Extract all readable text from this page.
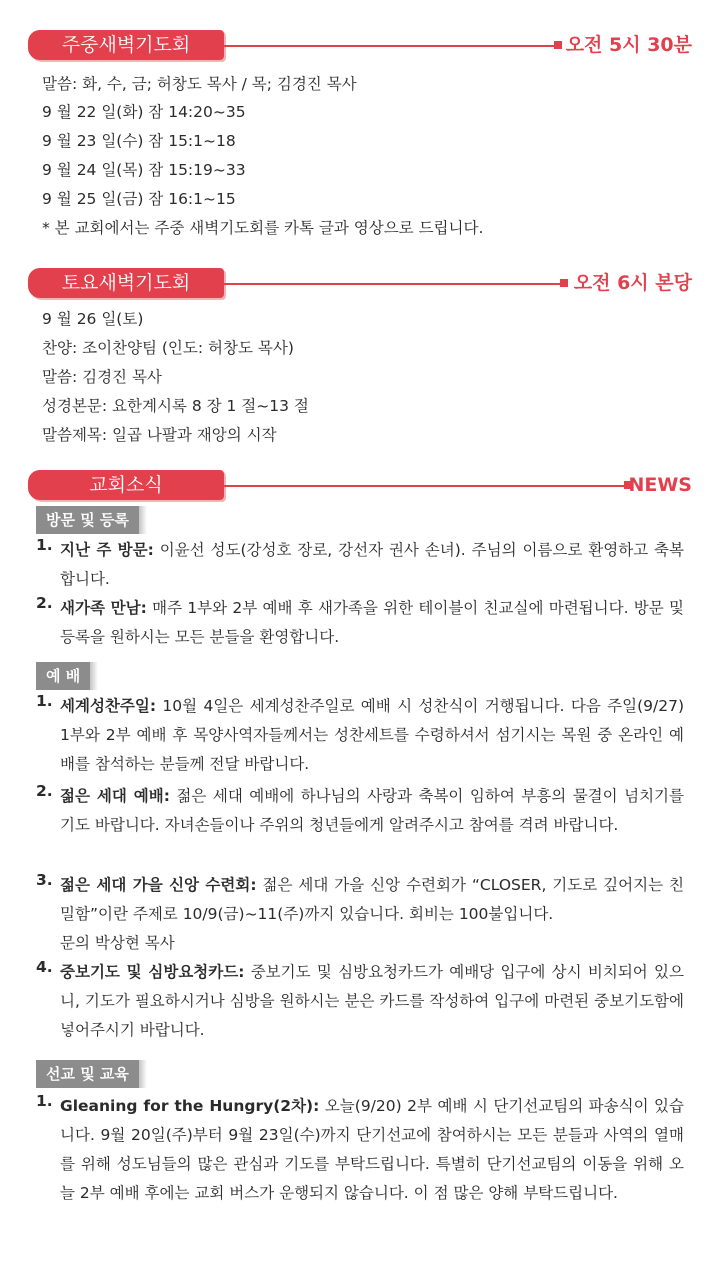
주중새벽기도회	오전 5시 30분
말씀: 화, 수, 금; 허창도 목사 / 목; 김경진 목사
9 월 22 일(화) 잠 14:20~35
9 월 23 일(수) 잠 15:1~18
9 월 24 일(목) 잠 15:19~33
9 월 25 일(금) 잠 16:1~15
* 본 교회에서는 주중 새벽기도회를 카톡 글과 영상으로 드립니다.
토요새벽기도회	오전 6시 본당
9 월 26 일(토)
찬양: 조이찬양팀 (인도: 허창도 목사)
말씀: 김경진 목사
성경본문: 요한계시록 8 장 1 절~13 절
말씀제목: 일곱 나팔과 재앙의 시작
교회소식	NEWS
방문 및 등록
1. 지난 주 방문: 이윤선 성도(강성호 장로, 강선자 권사 손녀). 주님의 이름으로 환영하고 축복합니다.
2. 새가족 만남: 매주 1부와 2부 예배 후 새가족을 위한 테이블이 친교실에 마련됩니다. 방문 및 등록을 원하시는 모든 분들을 환영합니다.
예 배
1. 세계성찬주일: 10월 4일은 세계성찬주일로 예배 시 성찬식이 거행됩니다. 다음 주일(9/27) 1부와 2부 예배 후 목양사역자들께서는 성찬세트를 수령하셔서 섬기시는 목원 중 온라인 예배를 참석하는 분들께 전달 바랍니다.
2. 젊은 세대 예배: 젊은 세대 예배에 하나님의 사랑과 축복이 임하여 부흥의 물결이 넘치기를 기도 바랍니다. 자녀손들이나 주위의 청년들에게 알려주시고 참여를 격려 바랍니다.
3. 젊은 세대 가을 신앙 수련회: 젊은 세대 가을 신앙 수련회가 “CLOSER, 기도로 깊어지는 친밀함”이란 주제로 10/9(금)~11(주)까지 있습니다. 회비는 100불입니다.
문의 박상현 목사
4. 중보기도 및 심방요청카드: 중보기도 및 심방요청카드가 예배당 입구에 상시 비치되어 있으니, 기도가 필요하시거나 심방을 원하시는 분은 카드를 작성하여 입구에 마련된 중보기도함에 넣어주시기 바랍니다.
선교 및 교육
1. Gleaning for the Hungry(2차): 오늘(9/20) 2부 예배 시 단기선교팀의 파송식이 있습니다. 9월 20일(주)부터 9월 23일(수)까지 단기선교에 참여하시는 모든 분들과 사역의 열매를 위해 성도님들의 많은 관심과 기도를 부탁드립니다. 특별히 단기선교팀의 이동을 위해 오늘 2부 예배 후에는 교회 버스가 운행되지 않습니다. 이 점 많은 양해 부탁드립니다.
